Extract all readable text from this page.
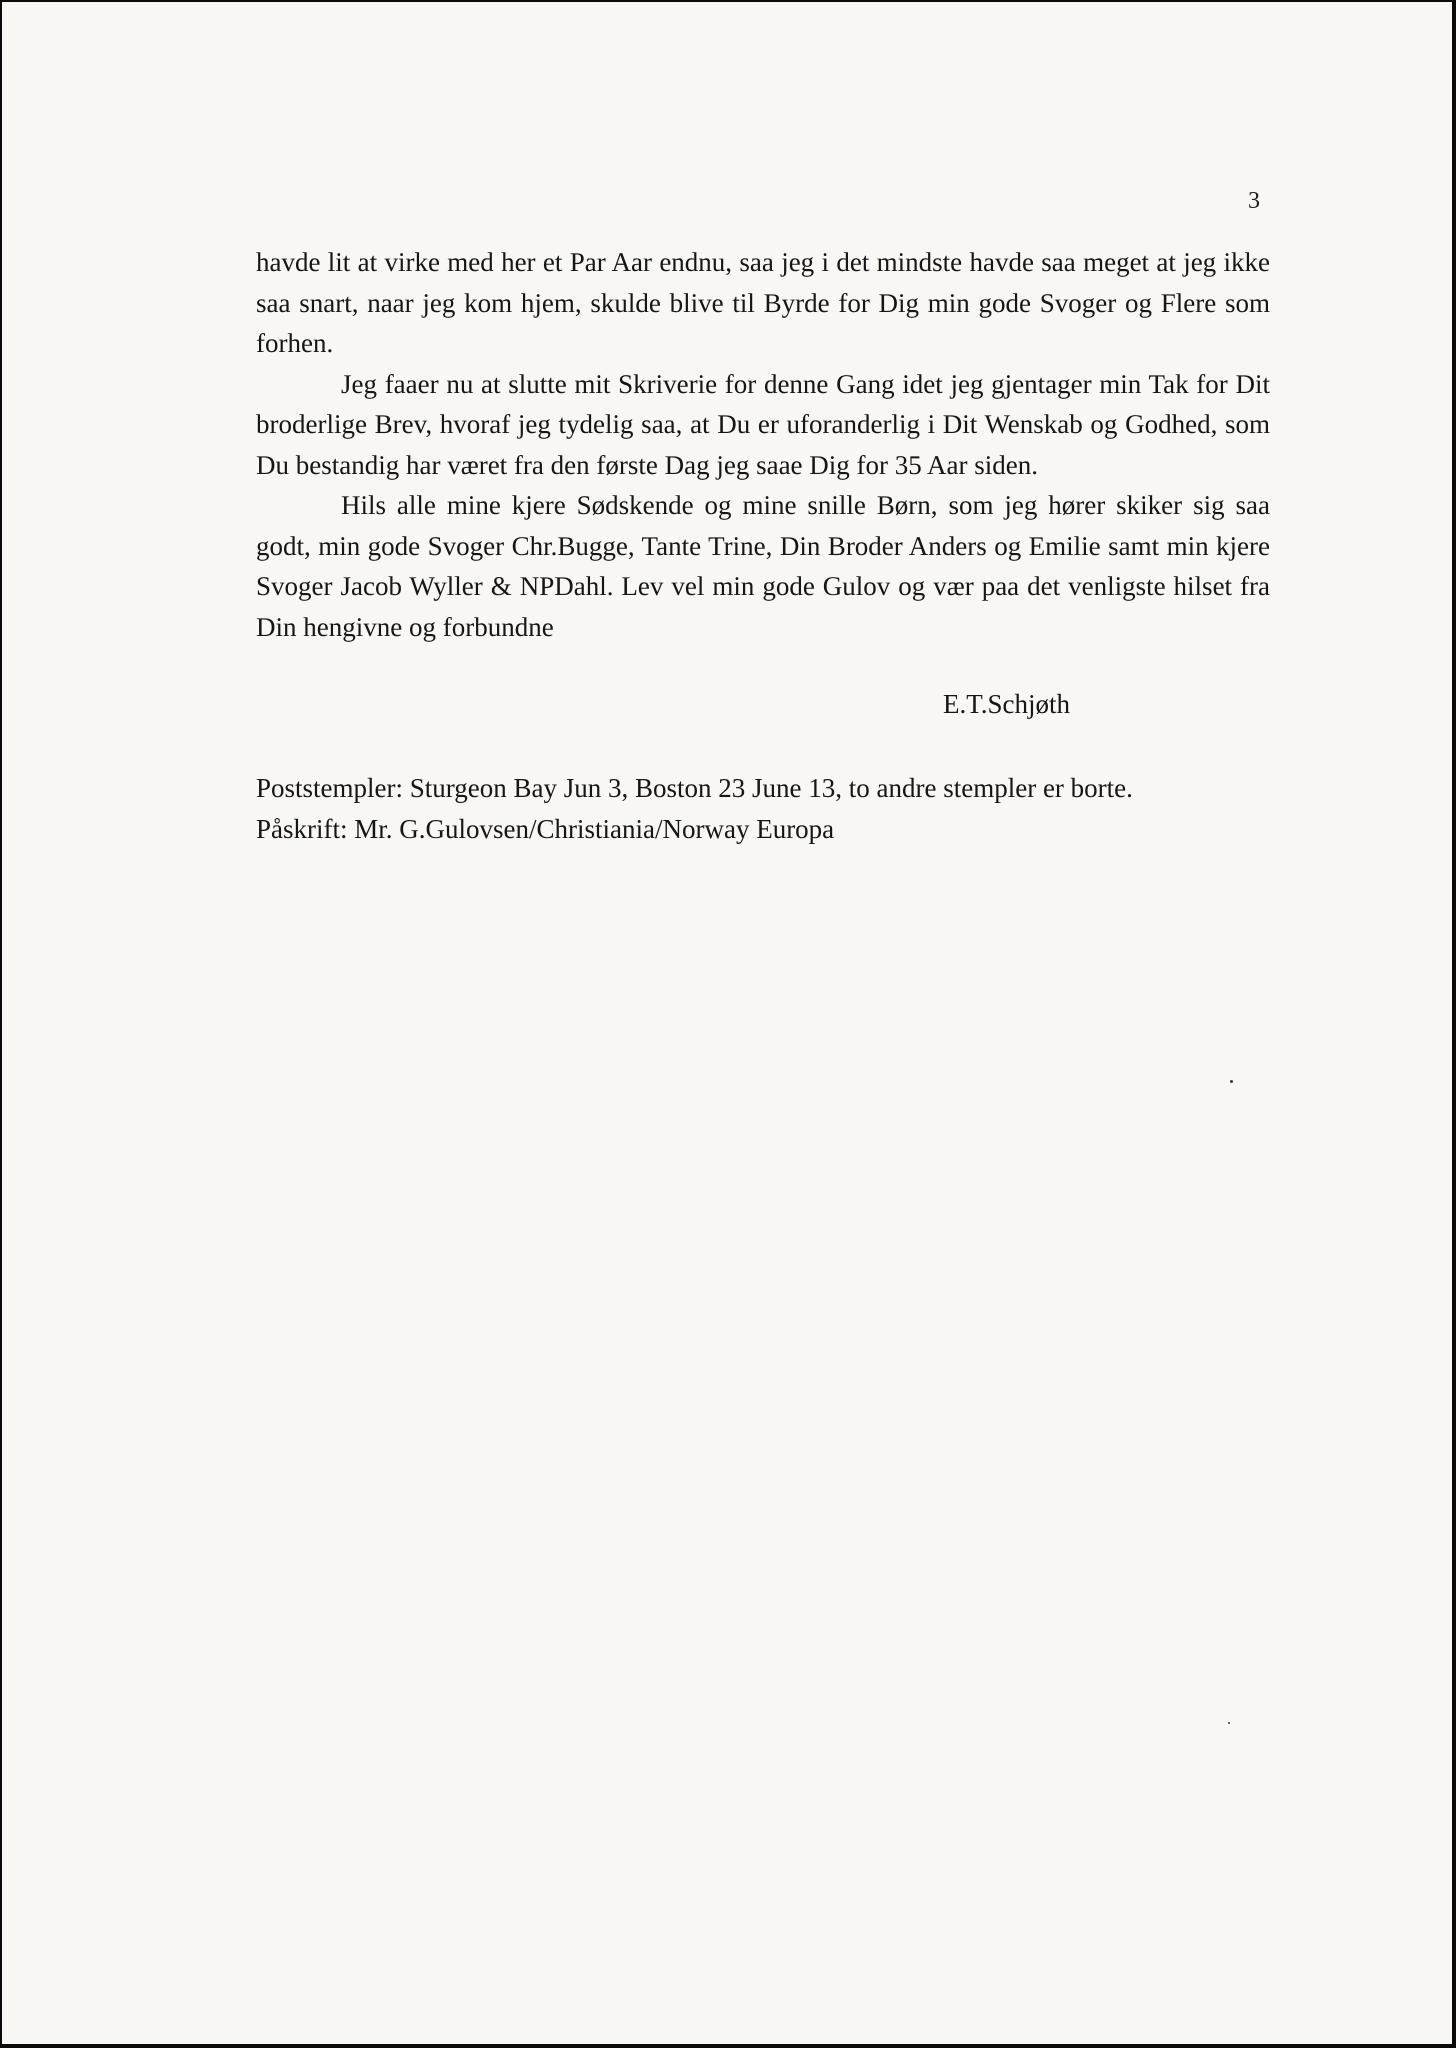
3

havde lit at virke med her et Par Aar endnu, saa jeg i det mindste havde saa meget at jeg ikke saa snart, naar jeg kom hjem, skulde blive til Byrde for Dig min gode Svoger og Flere som forhen.

Jeg faaer nu at slutte mit Skriverie for denne Gang idet jeg gjentager min Tak for Dit broderlige Brev, hvoraf jeg tydelig saa, at Du er uforanderlig i Dit Wenskab og Godhed, som Du bestandig har været fra den første Dag jeg saae Dig for 35 Aar siden.

Hils alle mine kjere Sødskende og mine snille Børn, som jeg hører skiker sig saa godt, min gode Svoger Chr.Bugge, Tante Trine, Din Broder Anders og Emilie samt min kjere Svoger Jacob Wyller & NPDahl. Lev vel min gode Gulov og vær paa det venligste hilset fra Din hengivne og forbundne

E.T.Schjøth

Poststempler: Sturgeon Bay Jun 3, Boston 23 June 13, to andre stempler er borte.

Påskrift: Mr. G.Gulovsen/Christiania/Norway Europa
